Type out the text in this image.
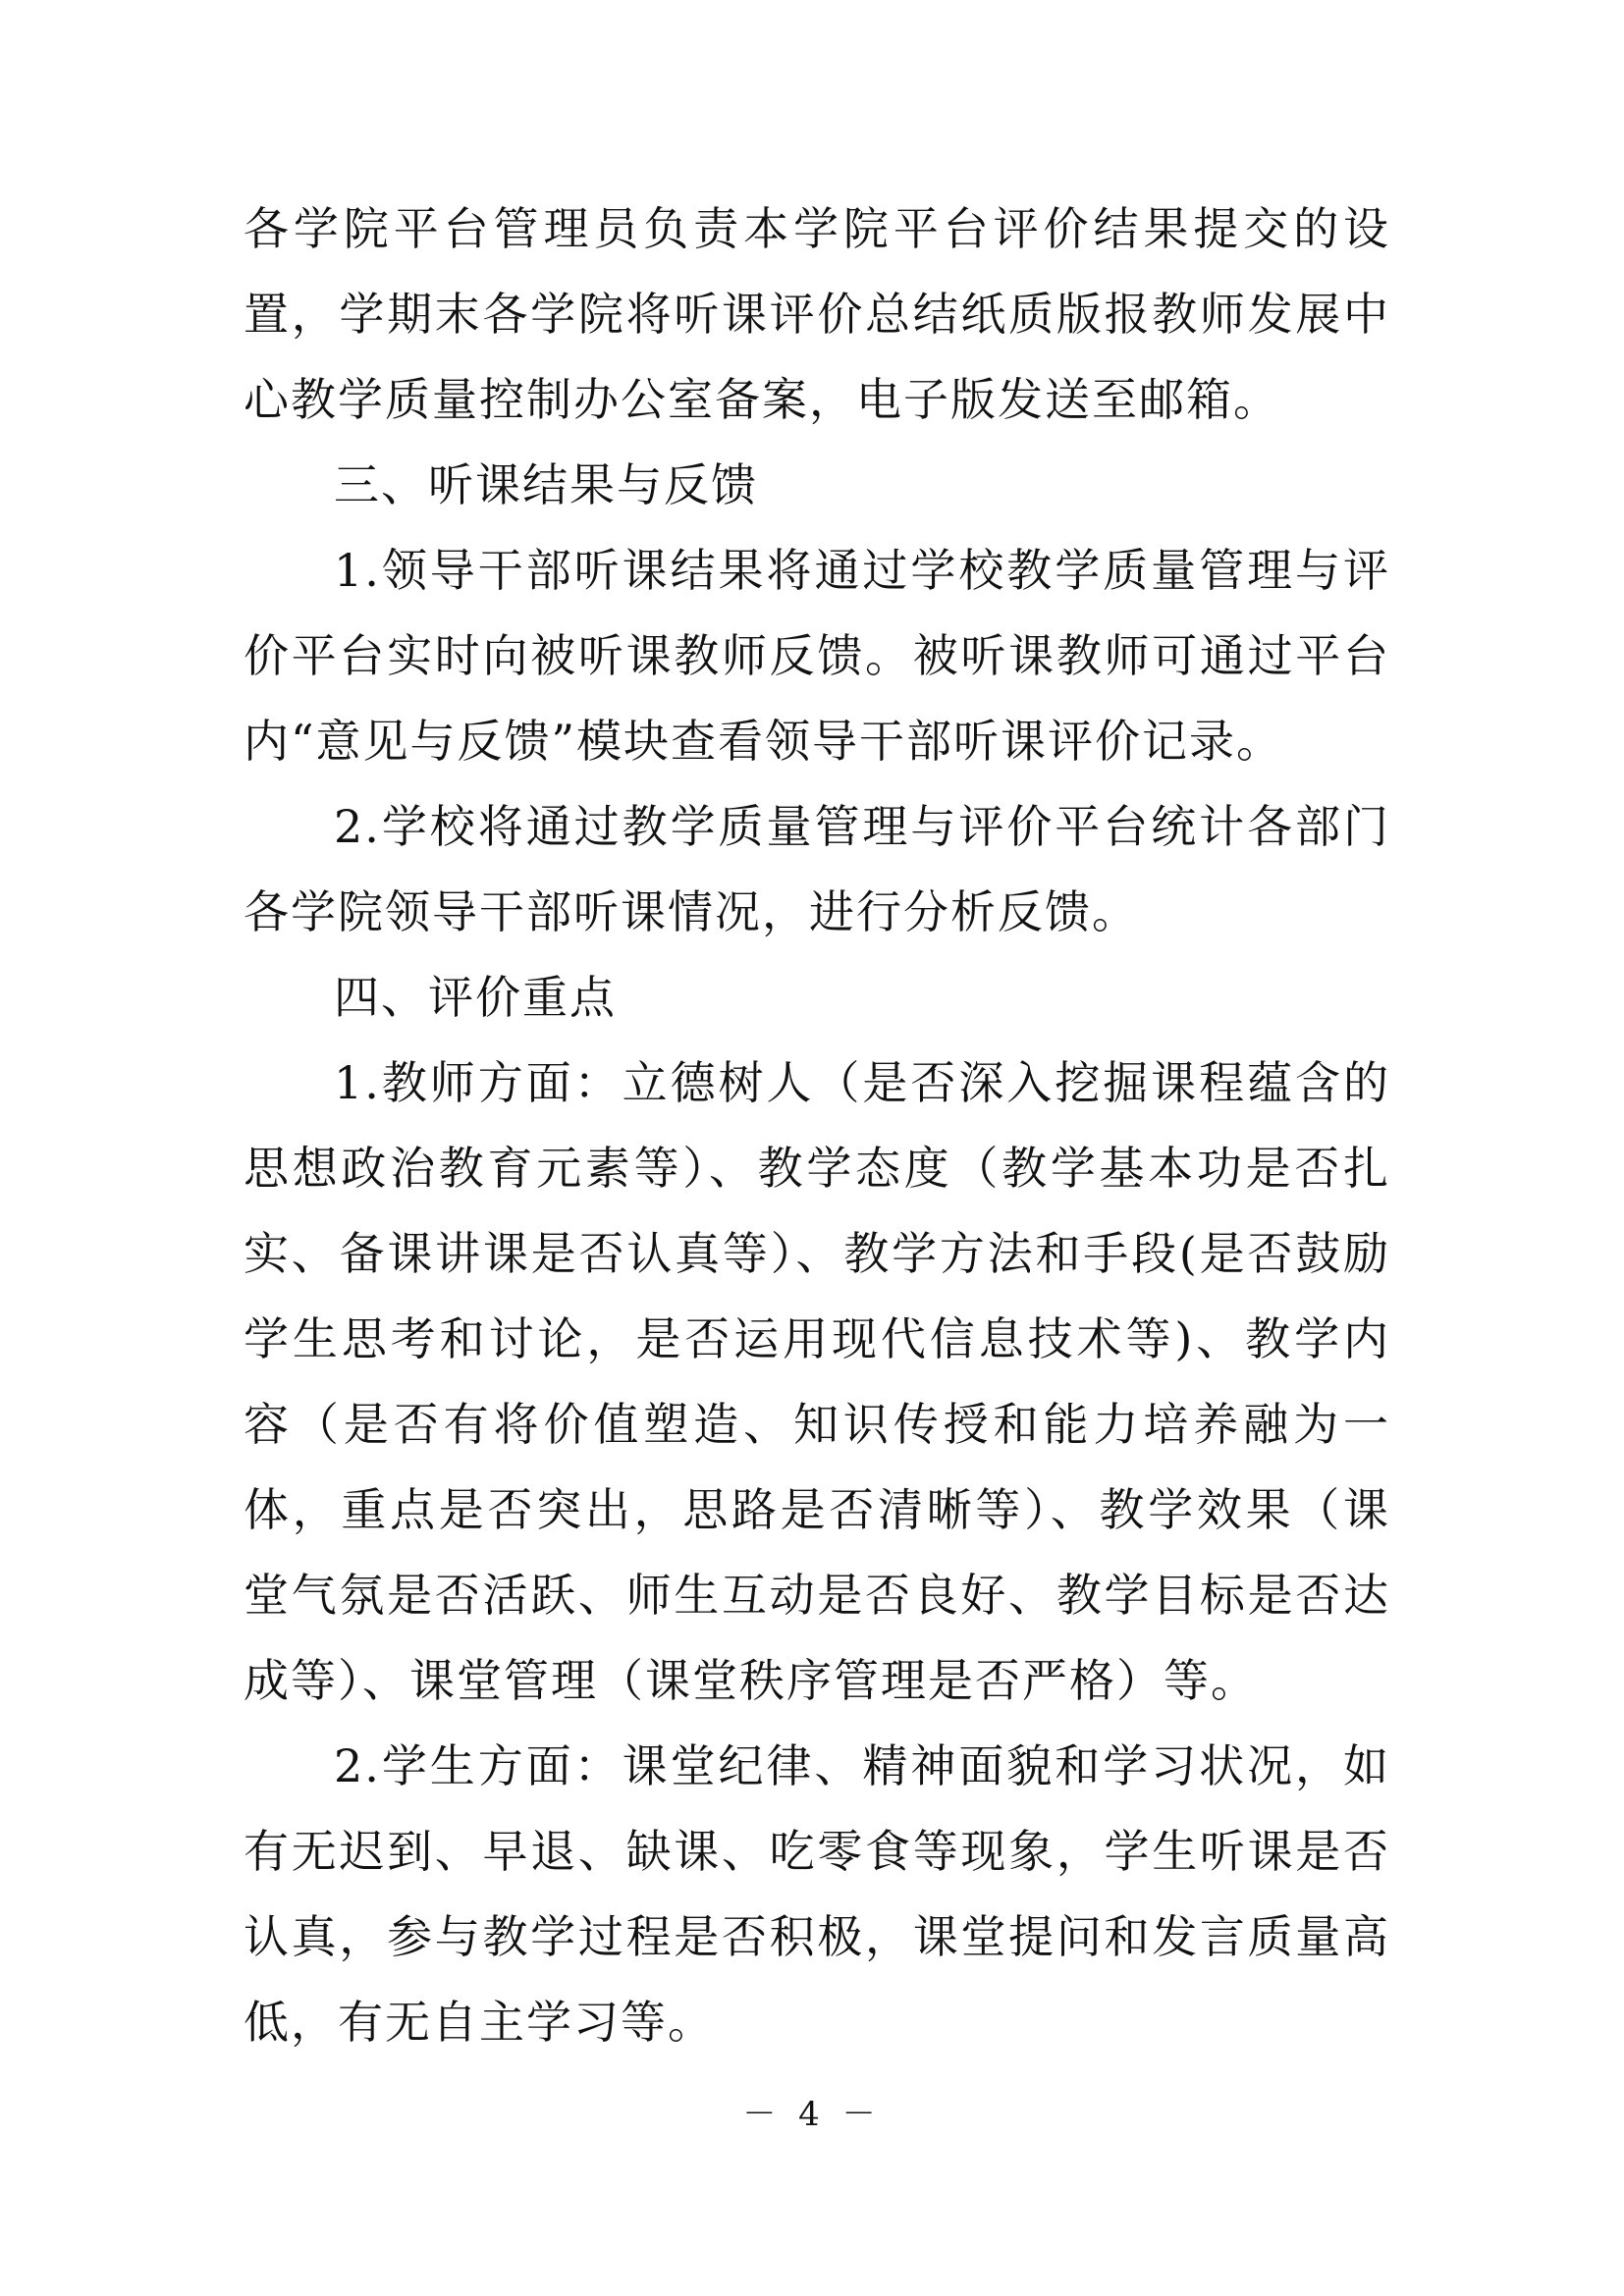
各学院平台管理员负责本学院平台评价结果提交的设置，学期末各学院将听课评价总结纸质版报教师发展中心教学质量控制办公室备案，电子版发送至邮箱。

三、听课结果与反馈

1.领导干部听课结果将通过学校教学质量管理与评价平台实时向被听课教师反馈。被听课教师可通过平台内“意见与反馈”模块查看领导干部听课评价记录。

2.学校将通过教学质量管理与评价平台统计各部门各学院领导干部听课情况，进行分析反馈。

四、评价重点

1.教师方面：立德树人（是否深入挖掘课程蕴含的思想政治教育元素等）、教学态度（教学基本功是否扎实、备课讲课是否认真等）、教学方法和手段(是否鼓励学生思考和讨论，是否运用现代信息技术等)、教学内容（是否有将价值塑造、知识传授和能力培养融为一体，重点是否突出，思路是否清晰等）、教学效果（课堂气氛是否活跃、师生互动是否良好、教学目标是否达成等）、课堂管理（课堂秩序管理是否严格）等。

2.学生方面：课堂纪律、精神面貌和学习状况，如有无迟到、早退、缺课、吃零食等现象，学生听课是否认真，参与教学过程是否积极，课堂提问和发言质量高低，有无自主学习等。

－ 4 －
